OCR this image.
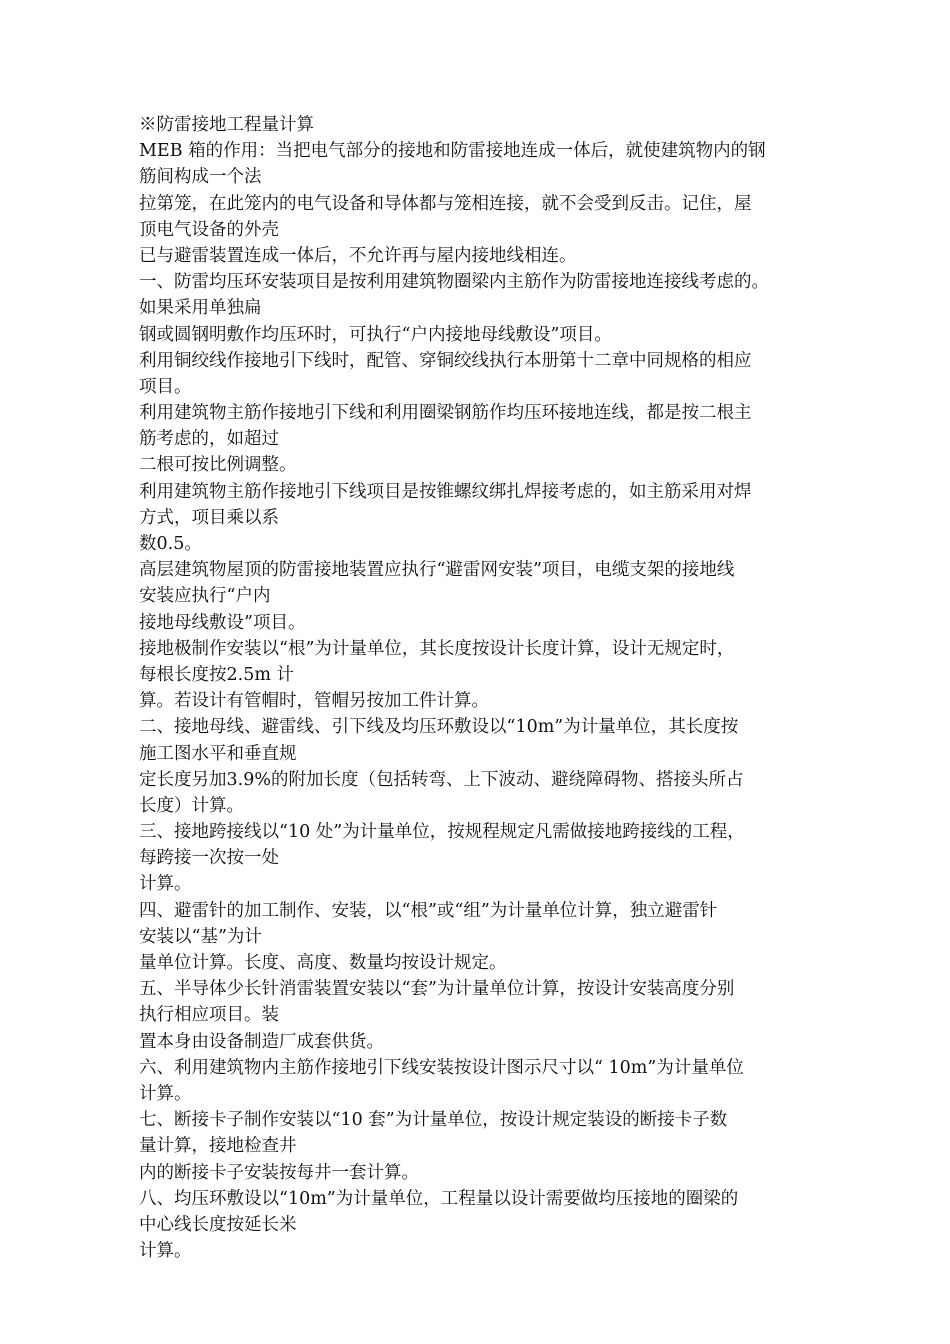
※防雷接地工程量计算
MEB 箱的作用：当把电气部分的接地和防雷接地连成一体后，就使建筑物内的钢
筋间构成一个法
拉第笼，在此笼内的电气设备和导体都与笼相连接，就不会受到反击。记住，屋
顶电气设备的外壳
已与避雷装置连成一体后，不允许再与屋内接地线相连。
一、防雷均压环安装项目是按利用建筑物圈梁内主筋作为防雷接地连接线考虑的。
如果采用单独扁
钢或圆钢明敷作均压环时，可执行“户内接地母线敷设”项目。
利用铜绞线作接地引下线时，配管、穿铜绞线执行本册第十二章中同规格的相应
项目。
利用建筑物主筋作接地引下线和利用圈梁钢筋作均压环接地连线，都是按二根主
筋考虑的，如超过
二根可按比例调整。
利用建筑物主筋作接地引下线项目是按锥螺纹绑扎焊接考虑的，如主筋采用对焊
方式，项目乘以系
数0.5。
高层建筑物屋顶的防雷接地装置应执行“避雷网安装”项目，电缆支架的接地线
安装应执行“户内
接地母线敷设”项目。
接地极制作安装以“根”为计量单位，其长度按设计长度计算，设计无规定时，
每根长度按2.5m 计
算。若设计有管帽时，管帽另按加工件计算。
二、接地母线、避雷线、引下线及均压环敷设以“10m”为计量单位，其长度按
施工图水平和垂直规
定长度另加3.9%的附加长度（包括转弯、上下波动、避绕障碍物、搭接头所占
长度）计算。
三、接地跨接线以“10 处”为计量单位，按规程规定凡需做接地跨接线的工程，
每跨接一次按一处
计算。
四、避雷针的加工制作、安装，以“根”或“组”为计量单位计算，独立避雷针
安装以“基”为计
量单位计算。长度、高度、数量均按设计规定。
五、半导体少长针消雷装置安装以“套”为计量单位计算，按设计安装高度分别
执行相应项目。装
置本身由设备制造厂成套供货。
六、利用建筑物内主筋作接地引下线安装按设计图示尺寸以“ 10m”为计量单位
计算。
七、断接卡子制作安装以“10 套”为计量单位，按设计规定装设的断接卡子数
量计算，接地检查井
内的断接卡子安装按每井一套计算。
八、均压环敷设以“10m”为计量单位，工程量以设计需要做均压接地的圈梁的
中心线长度按延长米
计算。
